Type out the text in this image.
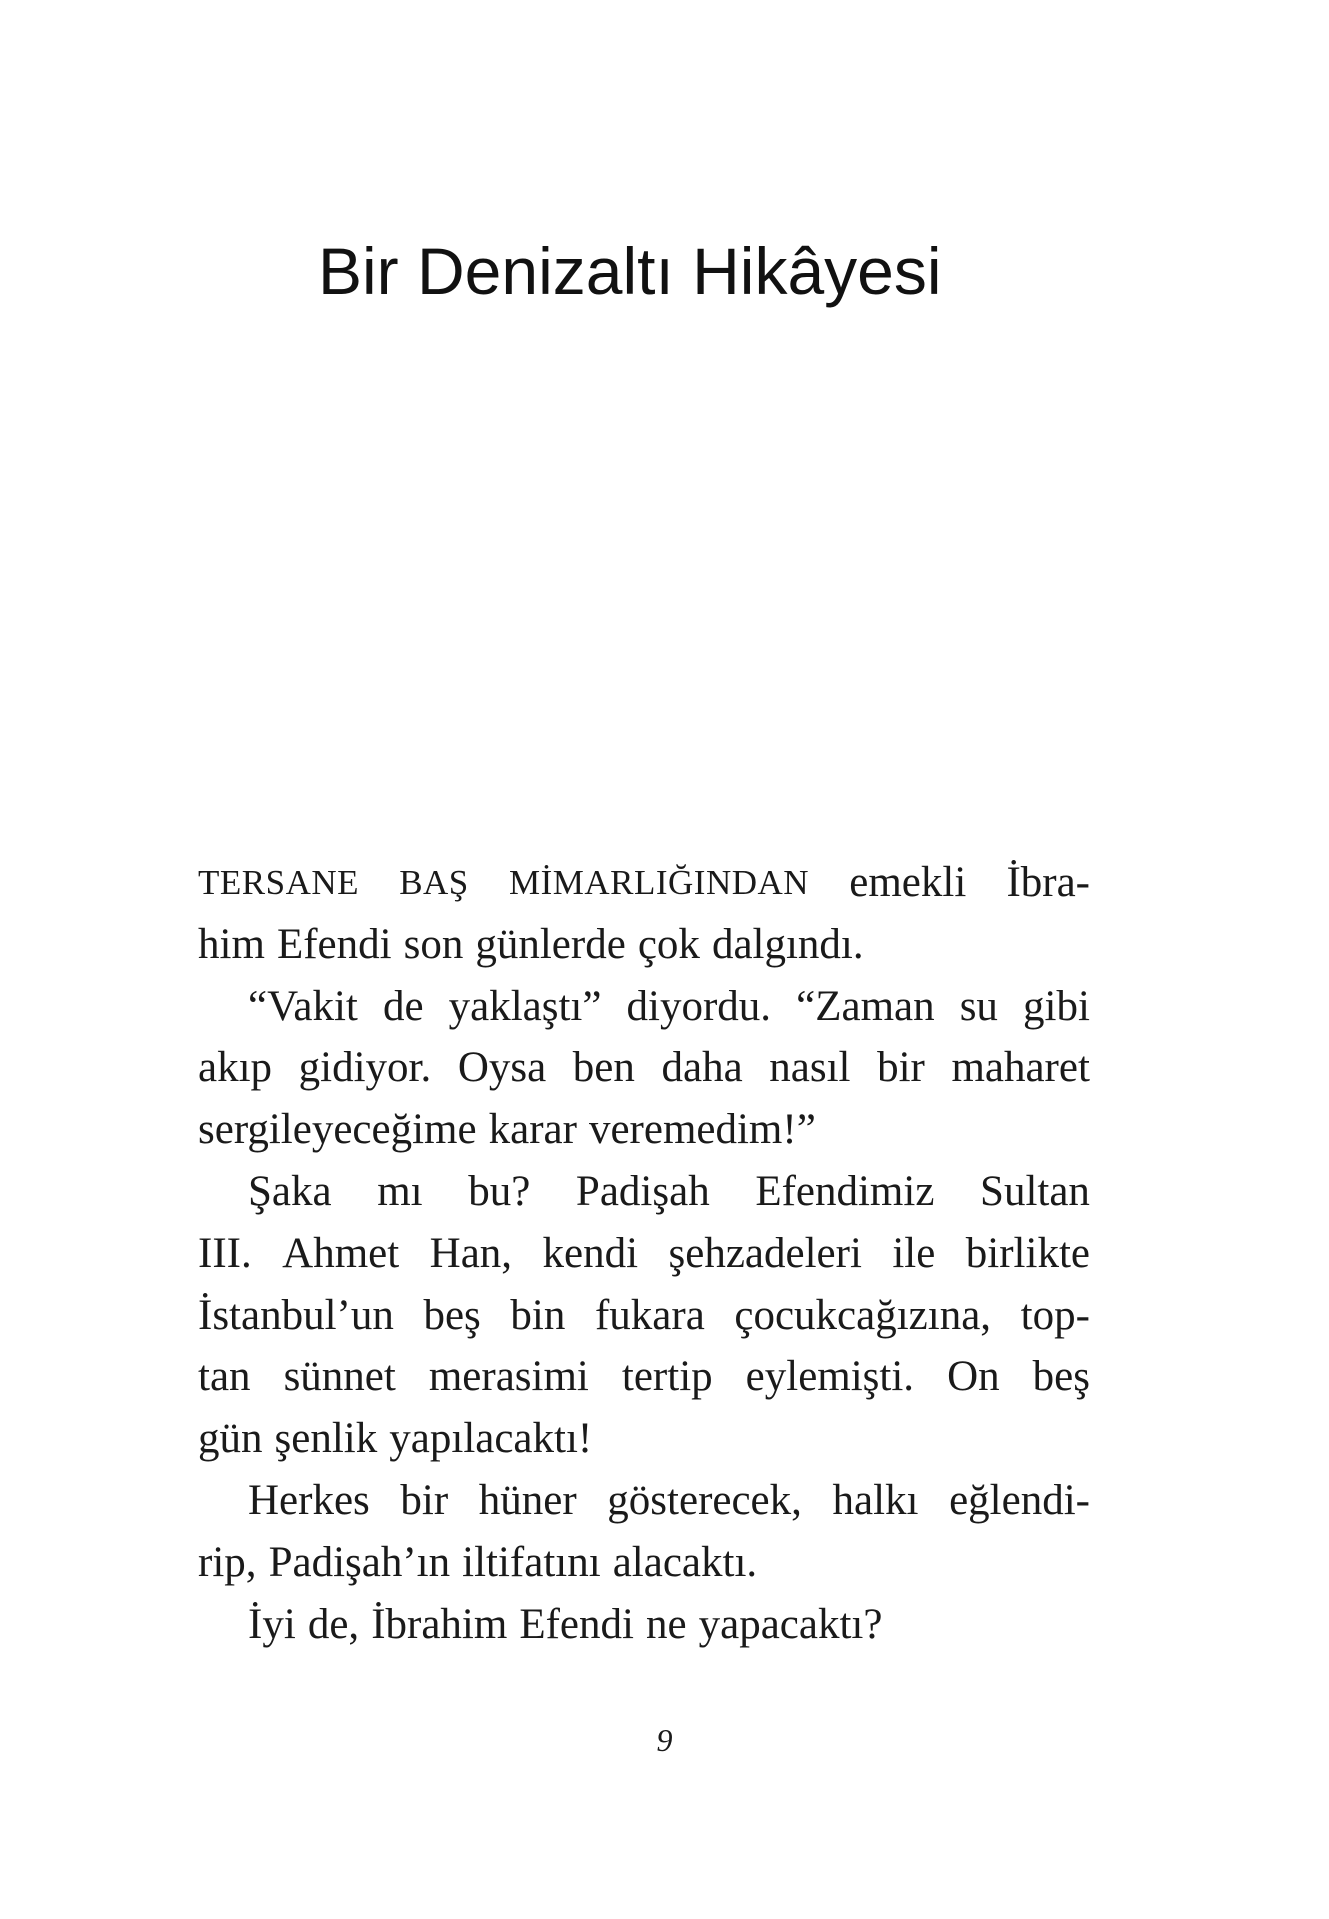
Bir Denizaltı Hikâyesi
TERSANE BAŞ MİMARLIĞINDAN emekli İbra-
him Efendi son günlerde çok dalgındı.
“Vakit de yaklaştı” diyordu. “Zaman su gibi
akıp gidiyor. Oysa ben daha nasıl bir maharet
sergileyeceğime karar veremedim!”
Şaka mı bu? Padişah Efendimiz Sultan
III. Ahmet Han, kendi şehzadeleri ile birlikte
İstanbul’un beş bin fukara çocukcağızına, top-
tan sünnet merasimi tertip eylemişti. On beş
gün şenlik yapılacaktı!
Herkes bir hüner gösterecek, halkı eğlendi-
rip, Padişah’ın iltifatını alacaktı.
İyi de, İbrahim Efendi ne yapacaktı?
9
